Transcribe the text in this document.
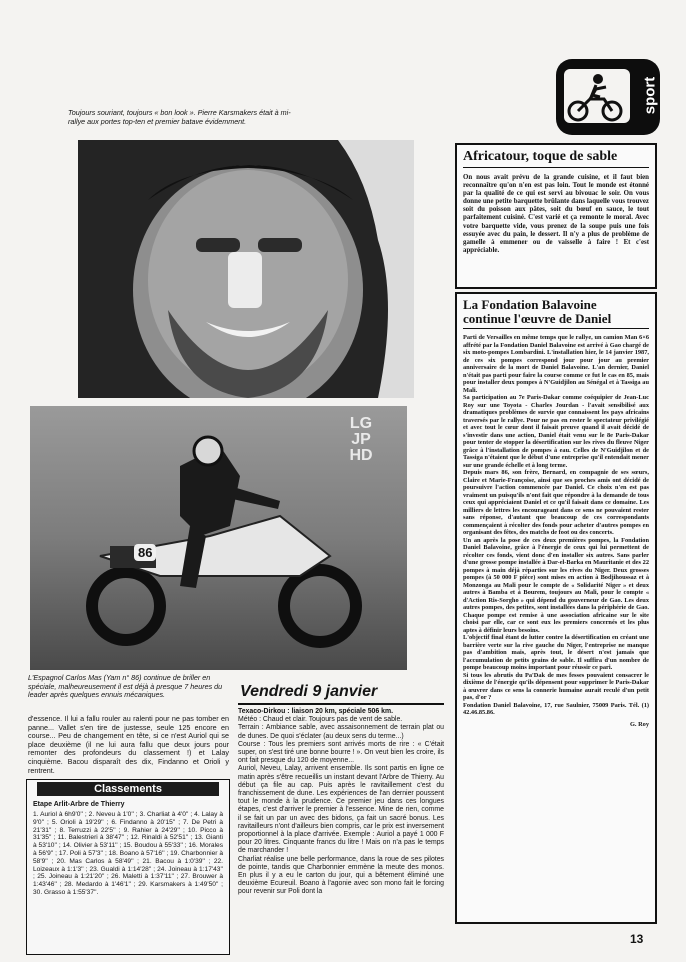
sport
Toujours souriant, toujours « bon look ». Pierre Karsmakers était à mi-rallye aux portes top-ten et premier batave évidemment.
86
LG
JP
HD
L'Espagnol Carlos Mas (Yam n° 86) continue de briller en spéciale, malheureusement il est déjà à presque 7 heures du leader après quelques ennuis mécaniques.
d'essence. Il lui a fallu rouler au ralenti pour ne pas tomber en panne... Vallet s'en tire de justesse, seule 125 encore en course... Peu de changement en tête, si ce n'est Auriol qui se place deuxième (il ne lui aura fallu que deux jours pour remonter des profondeurs du classement !) et Lalay cinquième. Bacou disparaît des dix, Findanno et Orioli y rentrent.
Classements
Etape Arlit-Arbre de Thierry
1. Auriol à 6h9'0'' ; 2. Neveu à 1'0'' ; 3. Charliat à 4'0'' ; 4. Lalay à 9'0'' ; 5. Orioli à 19'29'' ; 6. Findanno à 20'15'' ; 7. De Petri à 21'31'' ; 8. Terruzzi à 22'5'' ; 9. Rahier à 24'29'' ; 10. Picco à 31'35'' ; 11. Balestrieri à 38'47'' ; 12. Rinaldi à 52'51'' ; 13. Gianti à 53'10'' ; 14. Olivier à 53'11'' ; 15. Boudou à 55'33'' ; 16. Morales à 56'9'' ; 17. Poli à 57'3'' ; 18. Boano à 57'16'' ; 19. Charbonnier à 58'9'' ; 20. Mas Carlos à 58'49'' ; 21. Bacou à 1:0'39'' ; 22. Loizeaux à 1:1'3'' ; 23. Gualdi à 1:14'28'' ; 24. Joineau à 1:17'43'' ; 25. Joineau à 1:21'20'' ; 26. Maletti à 1:37'11'' ; 27. Brouwer à 1:43'46'' ; 28. Medardo à 1'46'1'' ; 29. Karsmakers à 1:49'50'' ; 30. Grasso à 1:55'37''.
Vendredi 9 janvier
Texaco-Dirkou : liaison 20 km, spéciale 506 km.
Météo : Chaud et clair. Toujours pas de vent de sable.
Terrain : Ambiance sable, avec assaisonnement de terrain plat ou de dunes. De quoi s'éclater (au deux sens du terme...)
Course : Tous les premiers sont arrivés morts de rire : « C'était super, on s'est tiré une bonne bourre ! ». On veut bien les croire, ils ont fait presque du 120 de moyenne...
Auriol, Neveu, Lalay, arrivent ensemble. Ils sont partis en ligne ce matin après s'être recueillis un instant devant l'Arbre de Thierry. Au début ça file au cap. Puis après le ravitaillement c'est du franchissement de dune. Les expériences de l'an dernier poussent tout le monde à la prudence. Ce premier jeu dans ces longues étapes, c'est d'arriver le premier à l'essence. Mine de rien, comme il se fait un par un avec des bidons, ça fait un sacré bonus. Les ravitailleurs n'ont d'ailleurs bien compris, car le prix est inversement proportionnel à la place d'arrivée. Exemple : Auriol a payé 1 000 F pour 20 litres. Cinquante francs du litre ! Mais on n'a pas le temps de marchander !
Charliat réalise une belle performance, dans la roue de ses pilotes de pointe, tandis que Charbonnier emmène la meute des monos. En plus il y a eu le carton du jour, qui a bêtement éliminé une deuxième Ecureuil. Boano à l'agonie avec son mono fait le forcing pour revenir sur Poli dont la
Africatour, toque de sable
On nous avait prévu de la grande cuisine, et il faut bien reconnaître qu'on n'en est pas loin. Tout le monde est étonné par la qualité de ce qui est servi au bivouac le soir. On vous donne une petite barquette brûlante dans laquelle vous trouvez soit du poisson aux pâtes, soit du bœuf en sauce, le tout parfaitement cuisiné. C'est varié et ça remonte le moral. Avec votre barquette vide, vous prenez de la soupe puis une fois essuyée avec du pain, le dessert. Il n'y a plus de problème de gamelle à emmener ou de vaisselle à faire ! Et c'est appréciable.
La Fondation Balavoine
continue l'œuvre de Daniel
Parti de Versailles en même temps que le rallye, un camion Man 6×6 affrété par la Fondation Daniel Balavoine est arrivé à Gao chargé de six moto-pompes Lombardini. L'installation hier, le 14 janvier 1987, de ces six pompes correspond jour pour jour au premier anniversaire de la mort de Daniel Balavoine. L'an dernier, Daniel n'était pas parti pour faire la course comme ce fut le cas en 85, mais pour installer deux pompes à N'Guidjilon au Sénégal et à Tassiga au Mali.
Sa participation au 7e Paris-Dakar comme coéquipier de Jean-Luc Roy sur une Toyota - Charles Jourdan - l'avait sensibilisé aux dramatiques problèmes de survie que connaissent les pays africains traversés par le rallye. Pour ne pas en rester le spectateur privilégié et avec tout le cœur dont il faisait preuve quand il avait décidé de s'investir dans une action, Daniel était venu sur le 8e Paris-Dakar pour tenter de stopper la désertification sur les rives du fleuve Niger grâce à l'installation de pompes à eau. Celles de N'Guidjilon et de Tassiga n'étaient que le début d'une entreprise qu'il entendait mener sur une grande échelle et à long terme.
Depuis mars 86, son frère, Bernard, en compagnie de ses sœurs, Claire et Marie-Françoise, ainsi que ses proches amis ont décidé de poursuivre l'action commencée par Daniel. Ce choix n'en est pas vraiment un puisqu'ils n'ont fait que répondre à la demande de tous ceux qui appréciaient Daniel et ce qu'il faisait dans ce domaine. Les milliers de lettres les encourageant dans ce sens ne pouvaient rester sans réponse, d'autant que beaucoup de ces correspondants commençaient à récolter des fonds pour acheter d'autres pompes en organisant des fêtes, des matchs de foot ou des concerts.
Un an après la pose de ces deux premières pompes, la Fondation Daniel Balavoine, grâce à l'énergie de ceux qui lui permettent de récolter ces fonds, vient donc d'en installer six autres. Sans parler d'une grosse pompe installée à Dar-el-Barka en Mauritanie et des 22 pompes à main déjà réparties sur les rives du Niger. Deux grosses pompes (à 50 000 F pièce) sont mises en action à Bodjihoussaz et à Monzonga au Mali pour le compte de « Solidarité Niger » et deux autres à Bamba et à Bourem, toujours au Mali, pour le compte « d'Action Ris-Sorgho » qui dépend du gouverneur de Gao. Les deux autres pompes, des petites, sont installées dans la périphérie de Gao. Chaque pompe est remise à une association africaine sur le site choisi par elle, car ce sont eux les premiers concernés et les plus aptes à définir leurs besoins.
L'objectif final étant de lutter contre la désertification en créant une barrière verte sur la rive gauche du Niger, l'entreprise ne manque pas d'ambition mais, après tout, le désert n'est jamais que l'accumulation de petits grains de sable. Il suffira d'un nombre de pompe beaucoup moins important pour réussir ce pari.
Si tous les abrutis du Pa'Dak de mes fesses pouvaient consacrer le dixième de l'énergie qu'ils dépensent pour supprimer le Paris-Dakar à œuvrer dans ce sens la connerie humaine aurait reculé d'un petit pas, d'or ?
Fondation Daniel Balavoine, 17, rue Saulnier, 75009 Paris. Tél. (1) 42.46.85.86.
G. Roy
13
